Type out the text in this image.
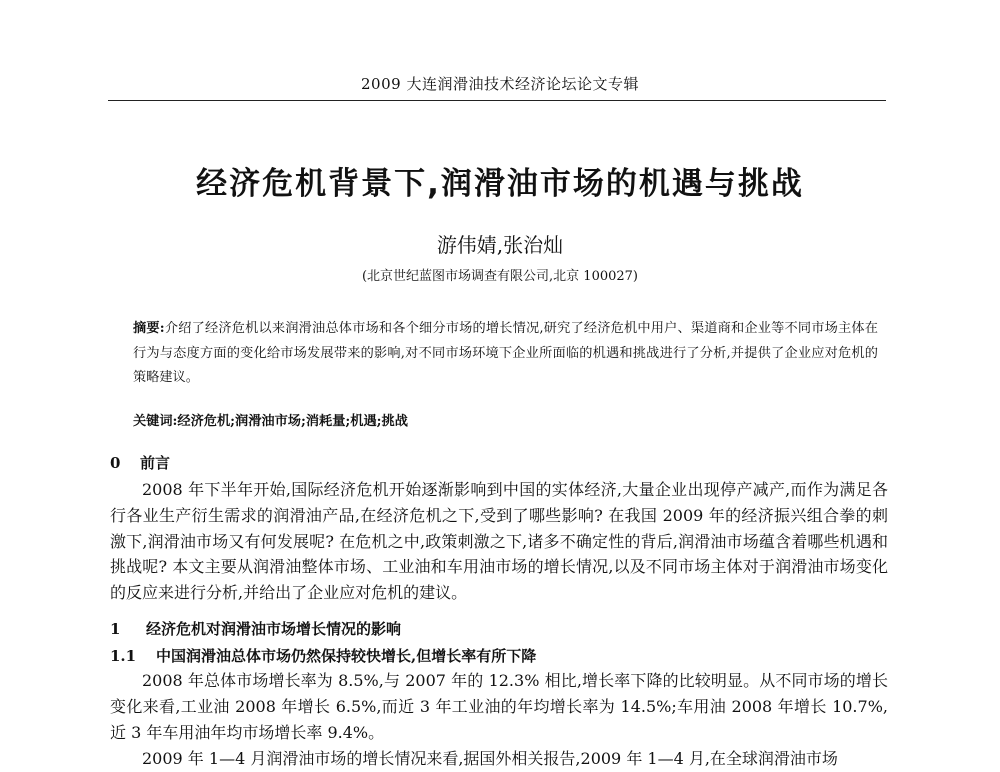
2009 大连润滑油技术经济论坛论文专辑
经济危机背景下,润滑油市场的机遇与挑战
游伟婧,张治灿
(北京世纪蓝图市场调查有限公司,北京 100027)
摘要:介绍了经济危机以来润滑油总体市场和各个细分市场的增长情况,研究了经济危机中用户、渠道商和企业等不同市场主体在行为与态度方面的变化给市场发展带来的影响,对不同市场环境下企业所面临的机遇和挑战进行了分析,并提供了企业应对危机的策略建议。
关键词:经济危机;润滑油市场;消耗量;机遇;挑战
0 前言
2008 年下半年开始,国际经济危机开始逐渐影响到中国的实体经济,大量企业出现停产减产,而作为满足各行各业生产衍生需求的润滑油产品,在经济危机之下,受到了哪些影响? 在我国 2009 年的经济振兴组合拳的刺激下,润滑油市场又有何发展呢? 在危机之中,政策刺激之下,诸多不确定性的背后,润滑油市场蕴含着哪些机遇和挑战呢? 本文主要从润滑油整体市场、工业油和车用油市场的增长情况,以及不同市场主体对于润滑油市场变化的反应来进行分析,并给出了企业应对危机的建议。
1 经济危机对润滑油市场增长情况的影响
1.1 中国润滑油总体市场仍然保持较快增长,但增长率有所下降
2008 年总体市场增长率为 8.5%,与 2007 年的 12.3% 相比,增长率下降的比较明显。从不同市场的增长变化来看,工业油 2008 年增长 6.5%,而近 3 年工业油的年均增长率为 14.5%;车用油 2008 年增长 10.7%,近 3 年车用油年均市场增长率 9.4%。
2009 年 1—4 月润滑油市场的增长情况来看,据国外相关报告,2009 年 1—4 月,在全球润滑油市场
